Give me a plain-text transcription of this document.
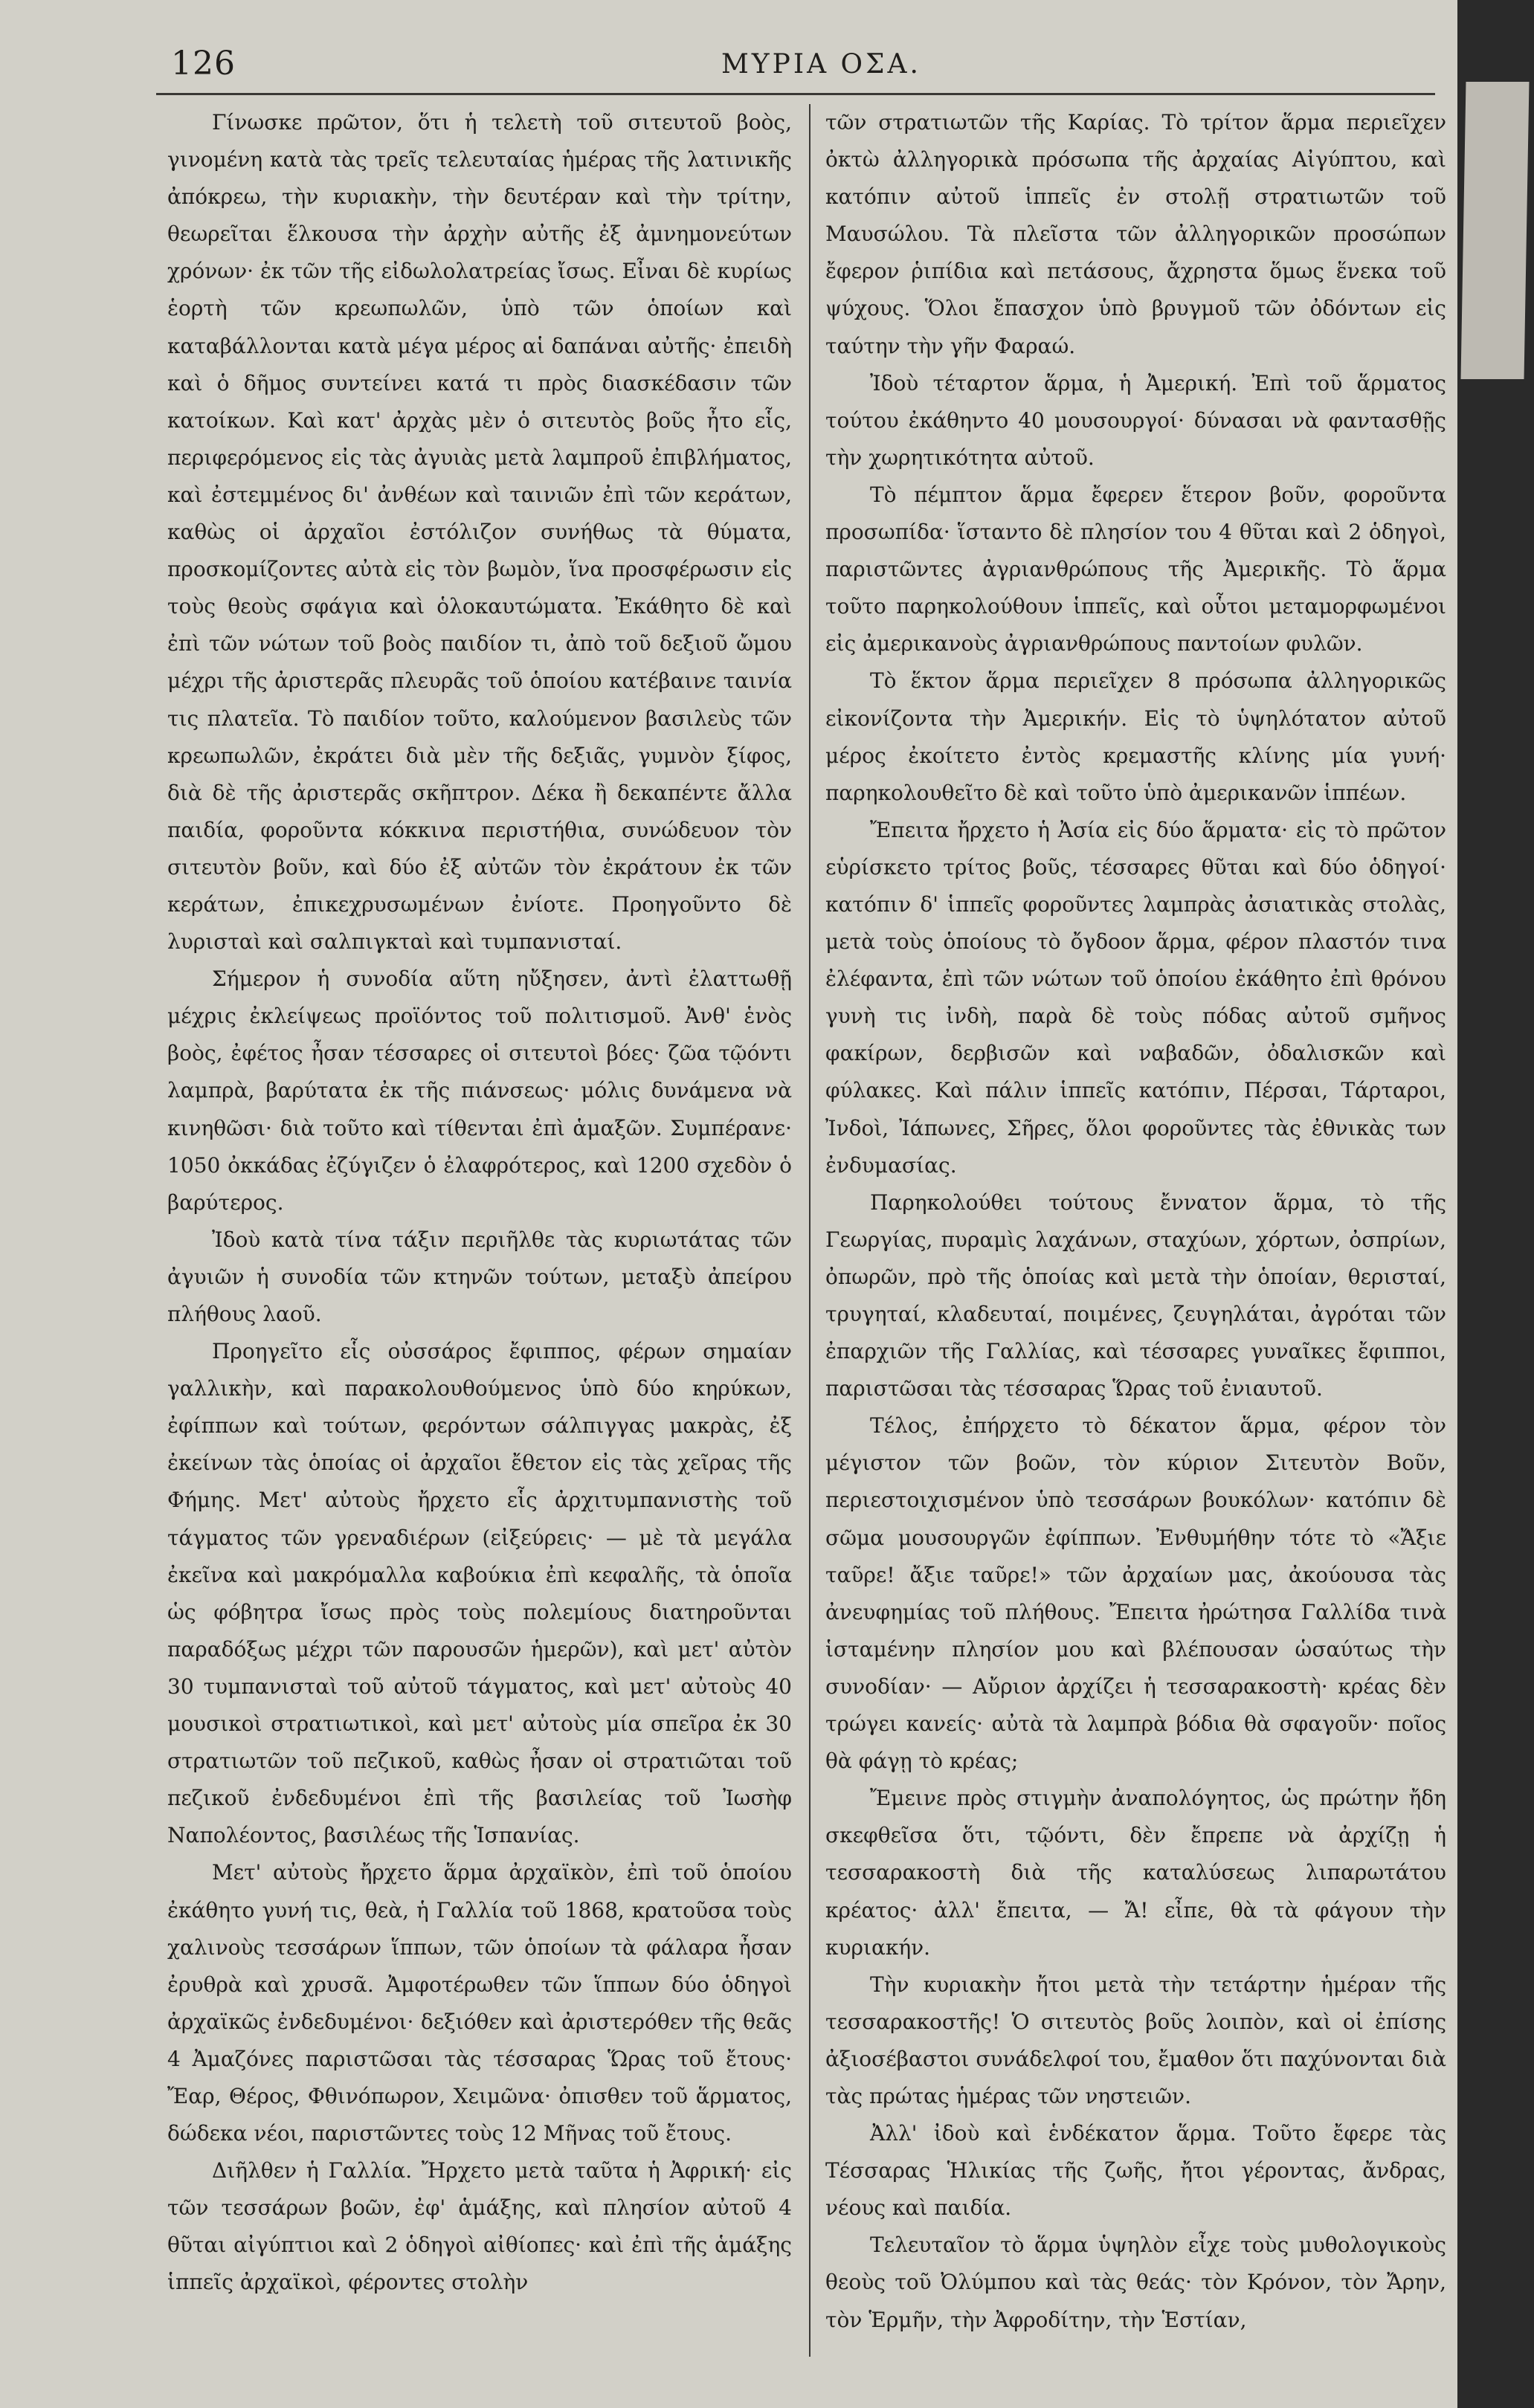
126	ΜΥΡΙΑ ΟΣΑ.

Γίνωσκε πρῶτον, ὅτι ἡ τελετὴ τοῦ σιτευτοῦ βοὸς, γινομένη κατὰ τὰς τρεῖς τελευταίας ἡμέρας τῆς λατινικῆς ἀπόκρεω, τὴν κυριακὴν, τὴν δευτέραν καὶ τὴν τρίτην, θεωρεῖται ἕλκουσα τὴν ἀρχὴν αὐτῆς ἐξ ἀμνημονεύτων χρόνων· ἐκ τῶν τῆς εἰδωλολατρείας ἴσως. Εἶναι δὲ κυρίως ἑορτὴ τῶν κρεωπωλῶν, ὑπὸ τῶν ὁποίων καὶ καταβάλλονται κατὰ μέγα μέρος αἱ δαπάναι αὐτῆς· ἐπειδὴ καὶ ὁ δῆμος συντείνει κατά τι πρὸς διασκέδασιν τῶν κατοίκων. Καὶ κατ' ἀρχὰς μὲν ὁ σιτευτὸς βοῦς ἦτο εἷς, περιφερόμενος εἰς τὰς ἀγυιὰς μετὰ λαμπροῦ ἐπιβλήματος, καὶ ἐστεμμένος δι' ἀνθέων καὶ ταινιῶν ἐπὶ τῶν κεράτων, καθὼς οἱ ἀρχαῖοι ἐστόλιζον συνήθως τὰ θύματα, προσκομίζοντες αὐτὰ εἰς τὸν βωμὸν, ἵνα προσφέρωσιν εἰς τοὺς θεοὺς σφάγια καὶ ὁλοκαυτώματα. Ἐκάθητο δὲ καὶ ἐπὶ τῶν νώτων τοῦ βοὸς παιδίον τι, ἀπὸ τοῦ δεξιοῦ ὤμου μέχρι τῆς ἀριστερᾶς πλευρᾶς τοῦ ὁποίου κατέβαινε ταινία τις πλατεῖα. Τὸ παιδίον τοῦτο, καλούμενον βασιλεὺς τῶν κρεωπωλῶν, ἐκράτει διὰ μὲν τῆς δεξιᾶς, γυμνὸν ξίφος, διὰ δὲ τῆς ἀριστερᾶς σκῆπτρον. Δέκα ἢ δεκαπέντε ἄλλα παιδία, φοροῦντα κόκκινα περιστήθια, συνώδευον τὸν σιτευτὸν βοῦν, καὶ δύο ἐξ αὐτῶν τὸν ἐκράτουν ἐκ τῶν κεράτων, ἐπικεχρυσωμένων ἐνίοτε. Προηγοῦντο δὲ λυρισταὶ καὶ σαλπιγκταὶ καὶ τυμπανισταί.

Σήμερον ἡ συνοδία αὕτη ηὔξησεν, ἀντὶ ἐλαττωθῇ μέχρις ἐκλείψεως προϊόντος τοῦ πολιτισμοῦ. Ἀνθ' ἑνὸς βοὸς, ἐφέτος ἦσαν τέσσαρες οἱ σιτευτοὶ βόες· ζῶα τῷόντι λαμπρὰ, βαρύτατα ἐκ τῆς πιάνσεως· μόλις δυνάμενα νὰ κινηθῶσι· διὰ τοῦτο καὶ τίθενται ἐπὶ ἁμαξῶν. Συμπέρανε· 1050 ὀκκάδας ἐζύγιζεν ὁ ἐλαφρότερος, καὶ 1200 σχεδὸν ὁ βαρύτερος.

Ἰδοὺ κατὰ τίνα τάξιν περιῆλθε τὰς κυριωτάτας τῶν ἀγυιῶν ἡ συνοδία τῶν κτηνῶν τούτων, μεταξὺ ἀπείρου πλήθους λαοῦ.

Προηγεῖτο εἷς οὐσσάρος ἔφιππος, φέρων σημαίαν γαλλικὴν, καὶ παρακολουθούμενος ὑπὸ δύο κηρύκων, ἐφίππων καὶ τούτων, φερόντων σάλπιγγας μακρὰς, ἐξ ἐκείνων τὰς ὁποίας οἱ ἀρχαῖοι ἔθετον εἰς τὰς χεῖρας τῆς Φήμης. Μετ' αὐτοὺς ἤρχετο εἷς ἀρχιτυμπανιστὴς τοῦ τάγματος τῶν γρεναδιέρων (εἰξεύρεις· — μὲ τὰ μεγάλα ἐκεῖνα καὶ μακρόμαλλα καβούκια ἐπὶ κεφαλῆς, τὰ ὁποῖα ὡς φόβητρα ἴσως πρὸς τοὺς πολεμίους διατηροῦνται παραδόξως μέχρι τῶν παρουσῶν ἡμερῶν), καὶ μετ' αὐτὸν 30 τυμπανισταὶ τοῦ αὐτοῦ τάγματος, καὶ μετ' αὐτοὺς 40 μουσικοὶ στρατιωτικοὶ, καὶ μετ' αὐτοὺς μία σπεῖρα ἐκ 30 στρατιωτῶν τοῦ πεζικοῦ, καθὼς ἦσαν οἱ στρατιῶται τοῦ πεζικοῦ ἐνδεδυμένοι ἐπὶ τῆς βασιλείας τοῦ Ἰωσὴφ Ναπολέοντος, βασιλέως τῆς Ἱσπανίας.

Μετ' αὐτοὺς ἤρχετο ἅρμα ἀρχαϊκὸν, ἐπὶ τοῦ ὁποίου ἐκάθητο γυνή τις, θεὰ, ἡ Γαλλία τοῦ 1868, κρατοῦσα τοὺς χαλινοὺς τεσσάρων ἵππων, τῶν ὁποίων τὰ φάλαρα ἦσαν ἐρυθρὰ καὶ χρυσᾶ. Ἀμφοτέρωθεν τῶν ἵππων δύο ὁδηγοὶ ἀρχαϊκῶς ἐνδεδυμένοι· δεξιόθεν καὶ ἀριστερόθεν τῆς θεᾶς 4 Ἀμαζόνες παριστῶσαι τὰς τέσσαρας Ὥρας τοῦ ἔτους· Ἔαρ, Θέρος, Φθινόπωρον, Χειμῶνα· ὀπισθεν τοῦ ἅρματος, δώδεκα νέοι, παριστῶντες τοὺς 12 Μῆνας τοῦ ἔτους.

Διῆλθεν ἡ Γαλλία. Ἤρχετο μετὰ ταῦτα ἡ Ἀφρική· εἰς τῶν τεσσάρων βοῶν, ἐφ' ἁμάξης, καὶ πλησίον αὐτοῦ 4 θῦται αἰγύπτιοι καὶ 2 ὁδηγοὶ αἰθίοπες· καὶ ἐπὶ τῆς ἁμάξης ἱππεῖς ἀρχαϊκοὶ, φέροντες στολὴν

τῶν στρατιωτῶν τῆς Καρίας. Τὸ τρίτον ἅρμα περιεῖχεν ὀκτὼ ἀλληγορικὰ πρόσωπα τῆς ἀρχαίας Αἰγύπτου, καὶ κατόπιν αὐτοῦ ἱππεῖς ἐν στολῇ στρατιωτῶν τοῦ Μαυσώλου. Τὰ πλεῖστα τῶν ἀλληγορικῶν προσώπων ἔφερον ῥιπίδια καὶ πετάσους, ἄχρηστα ὅμως ἕνεκα τοῦ ψύχους. Ὅλοι ἔπασχον ὑπὸ βρυγμοῦ τῶν ὀδόντων εἰς ταύτην τὴν γῆν Φαραώ.

Ἰδοὺ τέταρτον ἅρμα, ἡ Ἀμερική. Ἐπὶ τοῦ ἅρματος τούτου ἐκάθηντο 40 μουσουργοί· δύνασαι νὰ φαντασθῇς τὴν χωρητικότητα αὐτοῦ.

Τὸ πέμπτον ἅρμα ἔφερεν ἕτερον βοῦν, φοροῦντα προσωπίδα· ἵσταντο δὲ πλησίον του 4 θῦται καὶ 2 ὁδηγοὶ, παριστῶντες ἀγριανθρώπους τῆς Ἀμερικῆς. Τὸ ἅρμα τοῦτο παρηκολούθουν ἱππεῖς, καὶ οὗτοι μεταμορφωμένοι εἰς ἀμερικανοὺς ἀγριανθρώπους παντοίων φυλῶν.

Τὸ ἕκτον ἅρμα περιεῖχεν 8 πρόσωπα ἀλληγορικῶς εἰκονίζοντα τὴν Ἀμερικήν. Εἰς τὸ ὑψηλότατον αὐτοῦ μέρος ἐκοίτετο ἐντὸς κρεμαστῆς κλίνης μία γυνή· παρηκολουθεῖτο δὲ καὶ τοῦτο ὑπὸ ἀμερικανῶν ἱππέων.

Ἔπειτα ἤρχετο ἡ Ἀσία εἰς δύο ἅρματα· εἰς τὸ πρῶτον εὑρίσκετο τρίτος βοῦς, τέσσαρες θῦται καὶ δύο ὁδηγοί· κατόπιν δ' ἱππεῖς φοροῦντες λαμπρὰς ἀσιατικὰς στολὰς, μετὰ τοὺς ὁποίους τὸ ὄγδοον ἅρμα, φέρον πλαστόν τινα ἐλέφαντα, ἐπὶ τῶν νώτων τοῦ ὁποίου ἐκάθητο ἐπὶ θρόνου γυνὴ τις ἰνδὴ, παρὰ δὲ τοὺς πόδας αὐτοῦ σμῆνος φακίρων, δερβισῶν καὶ ναβαδῶν, ὀδαλισκῶν καὶ φύλακες. Καὶ πάλιν ἱππεῖς κατόπιν, Πέρσαι, Τάρταροι, Ἰνδοὶ, Ἰάπωνες, Σῆρες, ὅλοι φοροῦντες τὰς ἐθνικὰς των ἐνδυμασίας.

Παρηκολούθει τούτους ἔννατον ἅρμα, τὸ τῆς Γεωργίας, πυραμὶς λαχάνων, σταχύων, χόρτων, ὀσπρίων, ὀπωρῶν, πρὸ τῆς ὁποίας καὶ μετὰ τὴν ὁποίαν, θερισταί, τρυγηταί, κλαδευταί, ποιμένες, ζευγηλάται, ἀγρόται τῶν ἐπαρχιῶν τῆς Γαλλίας, καὶ τέσσαρες γυναῖκες ἔφιπποι, παριστῶσαι τὰς τέσσαρας Ὥρας τοῦ ἐνιαυτοῦ.

Τέλος, ἐπήρχετο τὸ δέκατον ἅρμα, φέρον τὸν μέγιστον τῶν βοῶν, τὸν κύριον Σιτευτὸν Βοῦν, περιεστοιχισμένον ὑπὸ τεσσάρων βουκόλων· κατόπιν δὲ σῶμα μουσουργῶν ἐφίππων. Ἐνθυμήθην τότε τὸ «Ἄξιε ταῦρε! ἄξιε ταῦρε!» τῶν ἀρχαίων μας, ἀκούουσα τὰς ἀνευφημίας τοῦ πλήθους. Ἔπειτα ἠρώτησα Γαλλίδα τινὰ ἱσταμένην πλησίον μου καὶ βλέπουσαν ὡσαύτως τὴν συνοδίαν· — Αὔριον ἀρχίζει ἡ τεσσαρακοστὴ· κρέας δὲν τρώγει κανείς· αὐτὰ τὰ λαμπρὰ βόδια θὰ σφαγοῦν· ποῖος θὰ φάγῃ τὸ κρέας;

Ἔμεινε πρὸς στιγμὴν ἀναπολόγητος, ὡς πρώτην ἤδη σκεφθεῖσα ὅτι, τῷόντι, δὲν ἔπρεπε νὰ ἀρχίζῃ ἡ τεσσαρακοστὴ διὰ τῆς καταλύσεως λιπαρωτάτου κρέατος· ἀλλ' ἔπειτα, — Ἄ! εἶπε, θὰ τὰ φάγουν τὴν κυριακήν.

Τὴν κυριακὴν ἤτοι μετὰ τὴν τετάρτην ἡμέραν τῆς τεσσαρακοστῆς! Ὁ σιτευτὸς βοῦς λοιπὸν, καὶ οἱ ἐπίσης ἀξιοσέβαστοι συνάδελφοί του, ἔμαθον ὅτι παχύνονται διὰ τὰς πρώτας ἡμέρας τῶν νηστειῶν.

Ἀλλ' ἰδοὺ καὶ ἑνδέκατον ἅρμα. Τοῦτο ἔφερε τὰς Τέσσαρας Ἡλικίας τῆς ζωῆς, ἤτοι γέροντας, ἄνδρας, νέους καὶ παιδία.

Τελευταῖον τὸ ἅρμα ὑψηλὸν εἶχε τοὺς μυθολογικοὺς θεοὺς τοῦ Ὀλύμπου καὶ τὰς θεάς· τὸν Κρόνον, τὸν Ἄρην, τὸν Ἑρμῆν, τὴν Ἀφροδίτην, τὴν Ἑστίαν,
